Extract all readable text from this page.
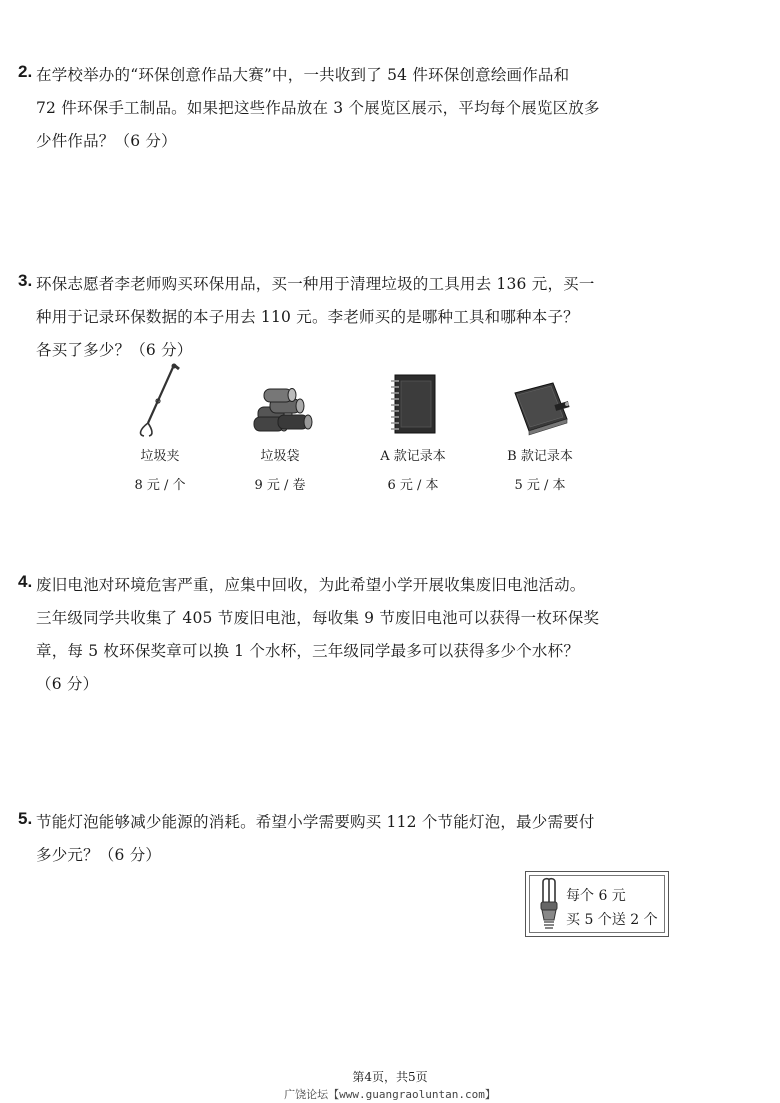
2. 在学校举办的“环保创意作品大赛”中，一共收到了 54 件环保创意绘画作品和
72 件环保手工制品。如果把这些作品放在 3 个展览区展示，平均每个展览区放多
少件作品？（6 分）
3. 环保志愿者李老师购买环保用品，买一种用于清理垃圾的工具用去 136 元，买一
种用于记录环保数据的本子用去 110 元。李老师买的是哪种工具和哪种本子？
各买了多少？（6 分）
垃圾夹
8 元 / 个
垃圾袋
9 元 / 卷
A 款记录本
6 元 / 本
B 款记录本
5 元 / 本
4. 废旧电池对环境危害严重，应集中回收，为此希望小学开展收集废旧电池活动。
三年级同学共收集了 405 节废旧电池，每收集 9 节废旧电池可以获得一枚环保奖
章，每 5 枚环保奖章可以换 1 个水杯，三年级同学最多可以获得多少个水杯？
（6 分）
5. 节能灯泡能够减少能源的消耗。希望小学需要购买 112 个节能灯泡，最少需要付
多少元？（6 分）
每个 6 元
买 5 个送 2 个
第4页，共5页
广饶论坛【www.guangraoluntan.com】
